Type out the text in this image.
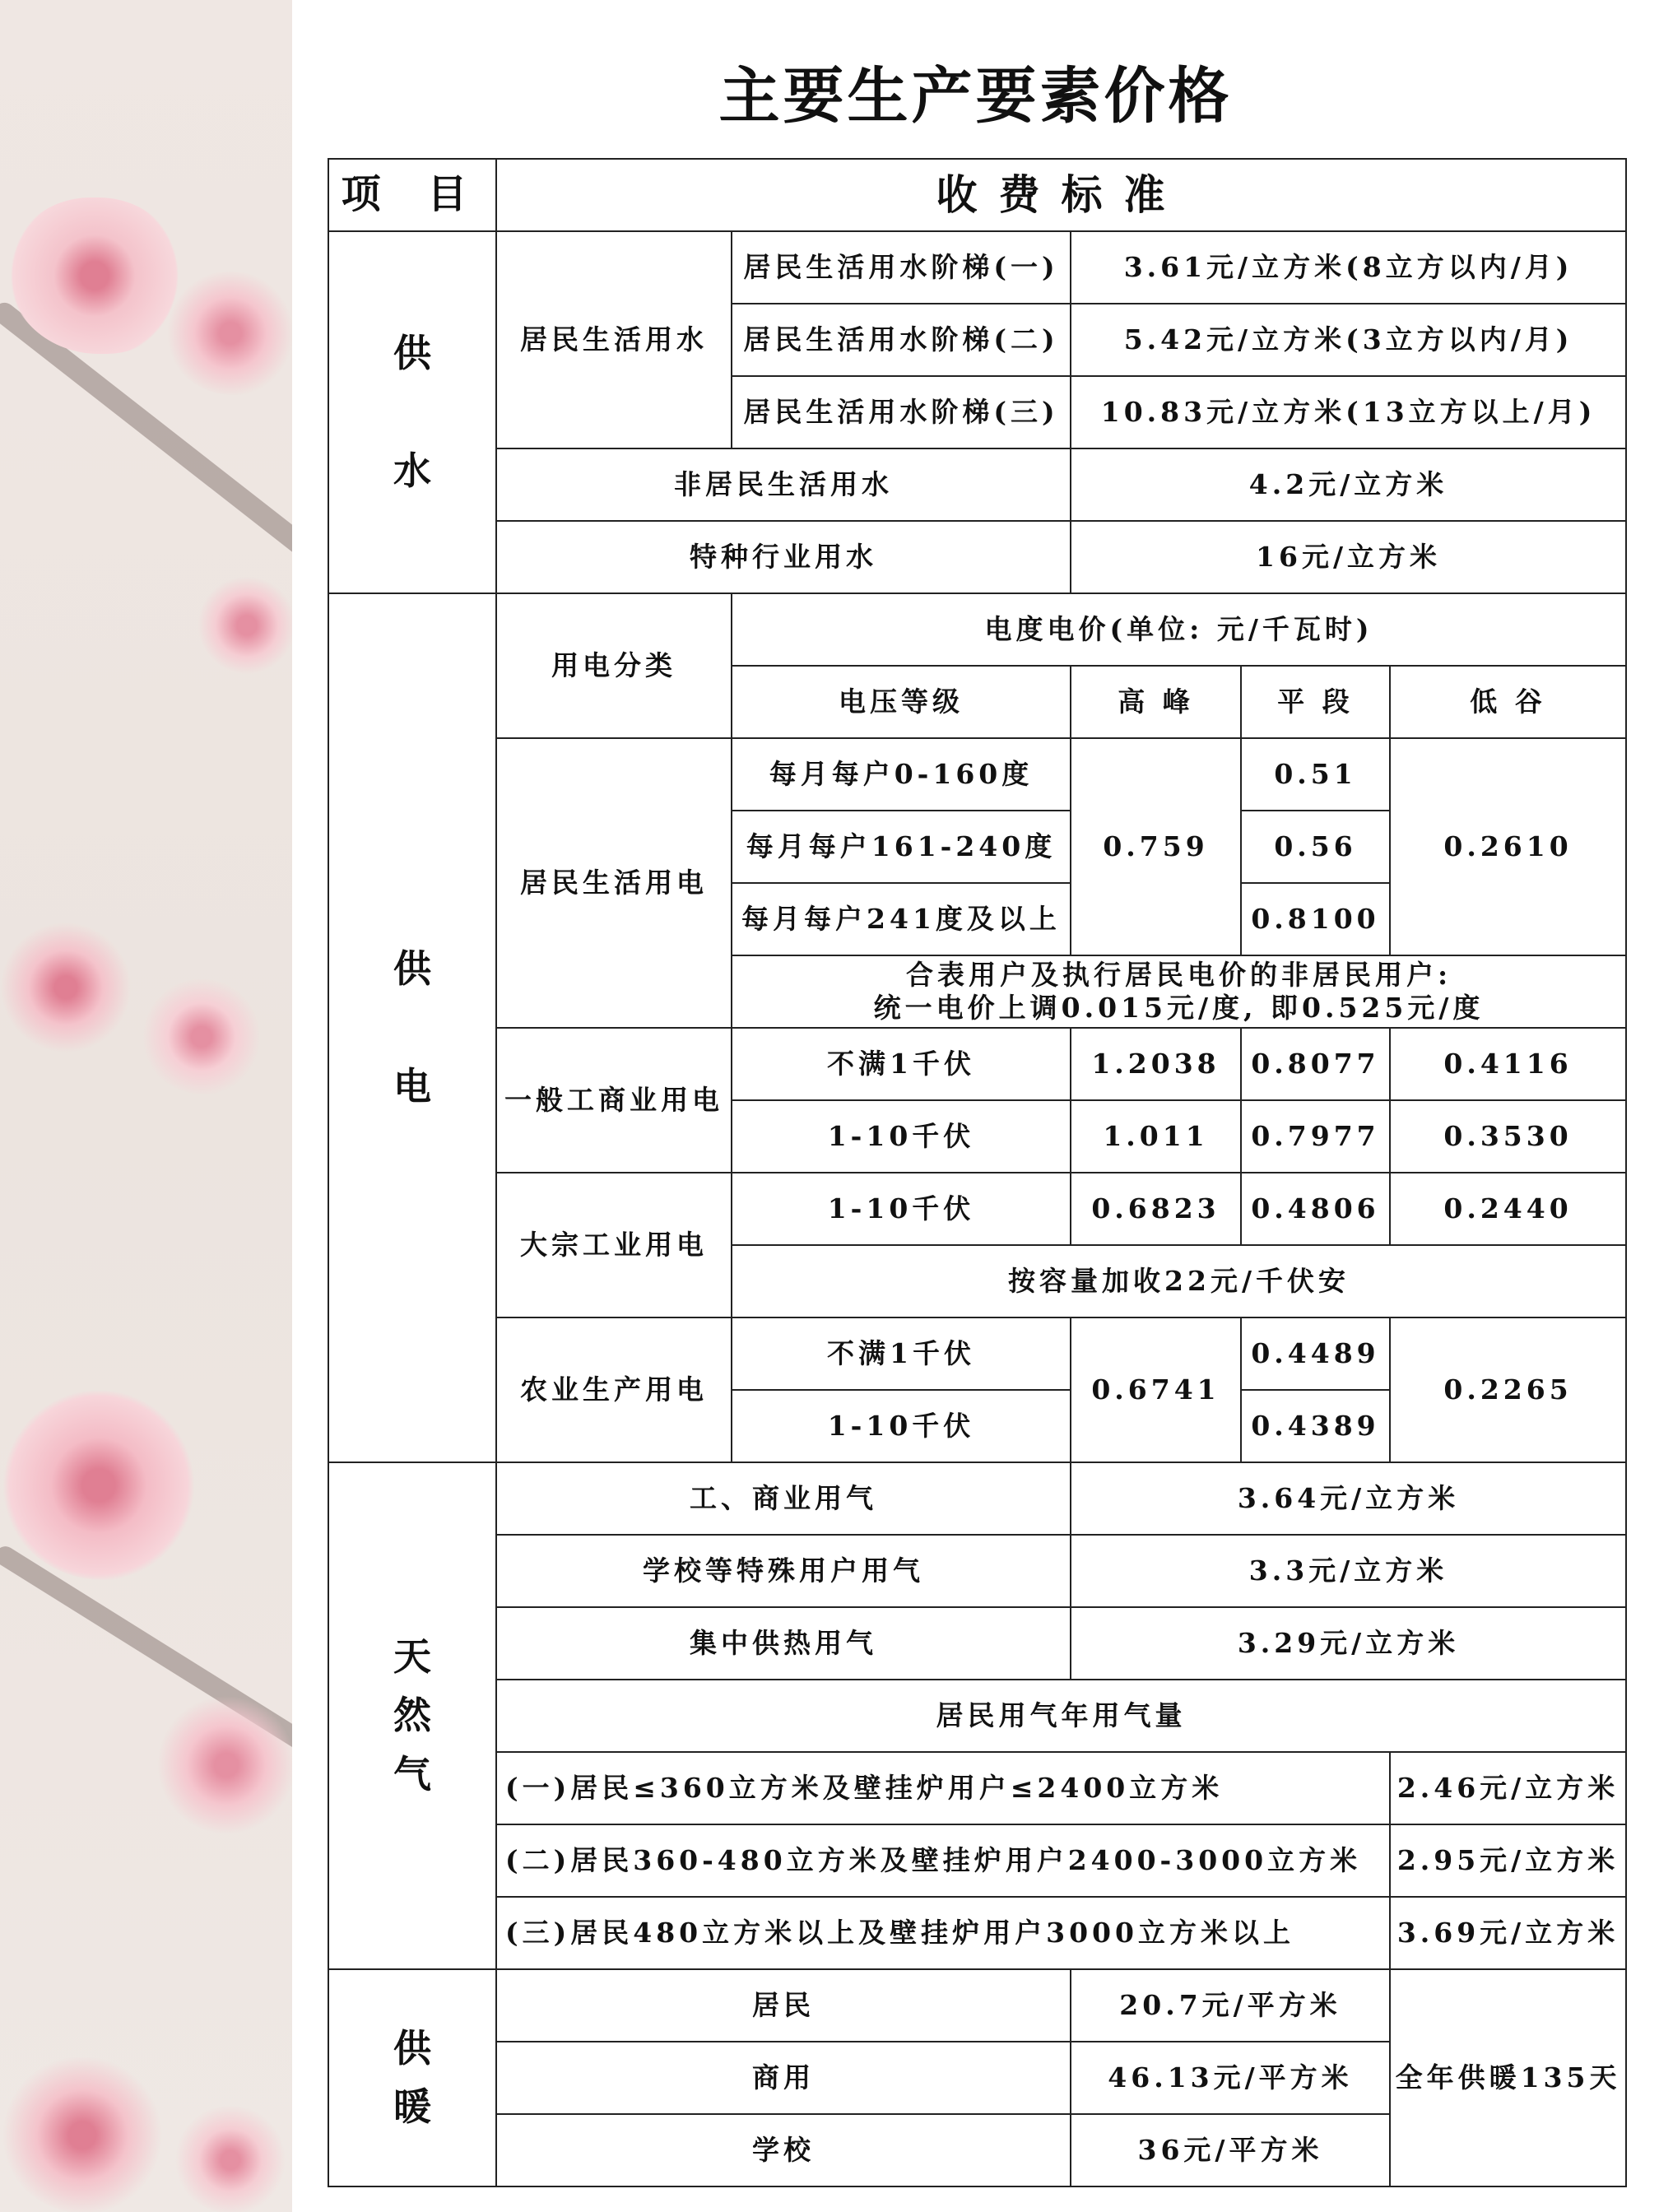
主要生产要素价格
项 目	收费标准				
供

水	居民生活用水	居民生活用水阶梯(一)	3.61元/立方米(8立方以内/月)		
		居民生活用水阶梯(二)	5.42元/立方米(3立方以内/月)		
		居民生活用水阶梯(三)	10.83元/立方米(13立方以上/月)		
	非居民生活用水		4.2元/立方米		
	特种行业用水		16元/立方米		
供

电	用电分类	电度电价(单位: 元/千瓦时)			
		电压等级	高 峰	平 段	低 谷
	居民生活用电	每月每户0-160度	0.759	0.51	0.2610
		每月每户161-240度		0.56	
		每月每户241度及以上		0.8100	

		合表用户及执行居民电价的非居民用户:
统一电价上调0.015元/度, 即0.525元/度			

	一般工商业用电	不满1千伏	1.2038	0.8077	0.4116
		1-10千伏	1.011	0.7977	0.3530
	大宗工业用电	1-10千伏	0.6823	0.4806	0.2440
		按容量加收22元/千伏安			
	农业生产用电	不满1千伏	0.6741	0.4489	0.2265
		1-10千伏		0.4389	
天
然
气	工、商业用气		3.64元/立方米		
	学校等特殊用户用气		3.3元/立方米		
	集中供热用气		3.29元/立方米		
	居民用气年用气量				
	(一)居民≤360立方米及壁挂炉用户≤2400立方米				2.46元/立方米
	(二)居民360-480立方米及壁挂炉用户2400-3000立方米				2.95元/立方米
	(三)居民480立方米以上及壁挂炉用户3000立方米以上				3.69元/立方米
供
暖	居民		20.7元/平方米		全年供暖135天
	商用		46.13元/平方米		
	学校		36元/平方米		
